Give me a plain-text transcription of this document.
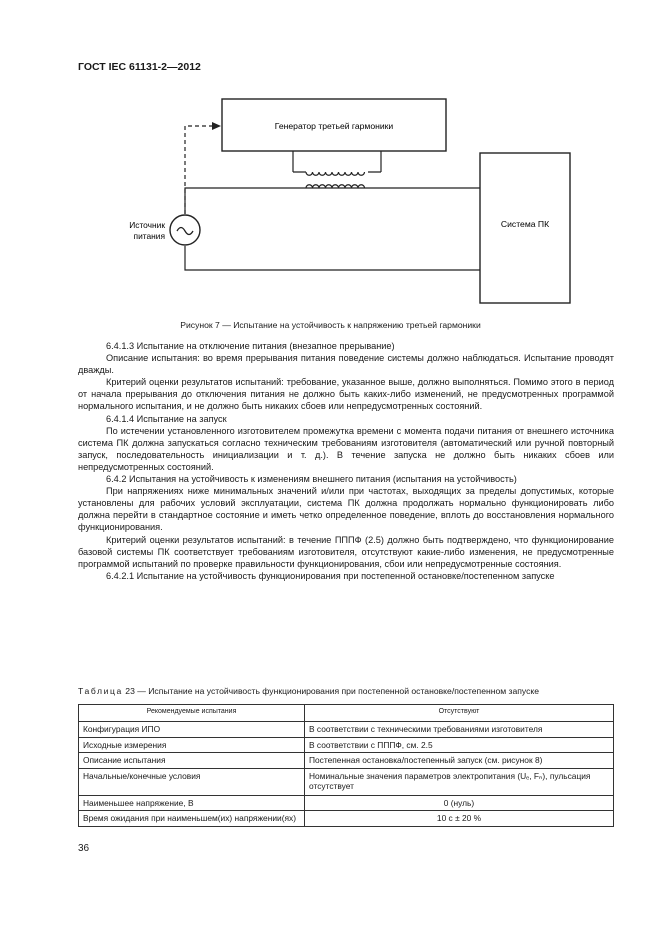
ГОСТ IEC 61131-2—2012
Генератор третьей гармоники
Источник
питания
Система ПК
Рисунок 7 — Испытание на устойчивость к напряжению третьей гармоники

6.4.1.3 Испытание на отключение питания (внезапное прерывание)

Описание испытания: во время прерывания питания поведение системы должно наблюдаться. Испытание проводят дважды.

Критерий оценки результатов испытаний: требование, указанное выше, должно выполняться. Помимо этого в период от начала прерывания до отключения питания не должно быть каких-либо изменений, не предусмотренных программой нормального испытания, и не должно быть никаких сбоев или непредусмотренных состояний.

6.4.1.4 Испытание на запуск

По истечении установленного изготовителем промежутка времени с момента подачи питания от внешнего источника система ПК должна запускаться согласно техническим требованиям изготовителя (автоматический или ручной повторный запуск, последовательность инициализации и т. д.). В течение запуска не должно быть никаких сбоев или непредусмотренных состояний.

6.4.2 Испытания на устойчивость к изменениям внешнего питания (испытания на устойчивость)

При напряжениях ниже минимальных значений и/или при частотах, выходящих за пределы допустимых, которые установлены для рабочих условий эксплуатации, система ПК должна продолжать нормально функционировать либо должна перейти в стандартное состояние и иметь четко определенное поведение, вплоть до восстановления нормального функционирования.

Критерий оценки результатов испытаний: в течение ПППФ (2.5) должно быть подтверждено, что функционирование базовой системы ПК соответствует требованиям изготовителя, отсутствуют какие-либо изменения, не предусмотренные программой испытаний по проверке правильности функционирования, сбои или непредусмотренные состояния.

6.4.2.1 Испытание на устойчивость функционирования при постепенной остановке/постепенном запуске

Таблица 23 — Испытание на устойчивость функционирования при постепенной остановке/постепенном запуске
Рекомендуемые испытания	Отсутствуют
Конфигурация ИПО	В соответствии с техническими требованиями изготовителя
Исходные измерения	В соответствии с ПППФ, см. 2.5
Описание испытания	Постепенная остановка/постепенный запуск (см. рисунок 8)
Начальные/конечные условия	Номинальные значения параметров электропитания (Uₑ, Fₙ), пульсация отсутствует
Наименьшее напряжение, В	0 (нуль)
Время ожидания при наименьшем(их) напряжении(ях)	10 с ± 20 %
36
